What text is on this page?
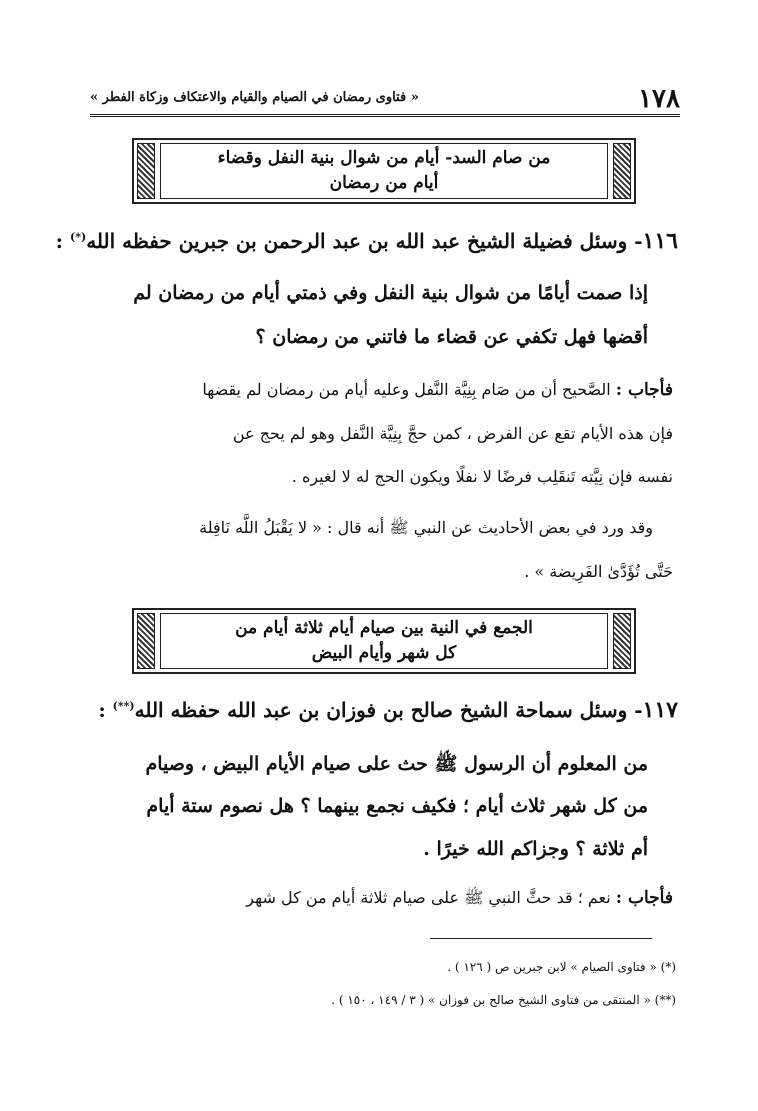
١٧٨
« فتاوى رمضان في الصيام والقيام والاعتكاف وزكاة الفطر »
من صام السد- أيام من شوال بنية النفل وقضاء
أيام من رمضان
١١٦- وسئل فضيلة الشيخ عبد الله بن عبد الرحمن بن جبرين حفظه الله(*) :
إذا صمت أيامًا من شوال بنية النفل وفي ذمتي أيام من رمضان لم
أقضها فهل تكفي عن قضاء ما فاتني من رمضان ؟
فأجاب : الصَّحيح أن من صَام بِنِيَّة النَّفل وعليه أيام من رمضان لم يقضها
فإن هذه الأيام تقع عن الفرض ، كمن حجَّ بِنِيَّة النَّفل وهو لم يحج عن
نفسه فإن نِيَّته تَنقَلِب فرضًا لا نفلًا ويكون الحج له لا لغيره .
وقد ورد في بعض الأحاديث عن النبي ﷺ أنه قال : « لا يَقْبَلُ اللَّه نَافِلة
حَتَّى تُؤَدَّىٰ الفَرِيضة » .
الجمع في النية بين صيام أيام ثلاثة أيام من
كل شهر وأيام البيض
١١٧- وسئل سماحة الشيخ صالح بن فوزان بن عبد الله حفظه الله(**) :
من المعلوم أن الرسول ﷺ حث على صيام الأيام البيض ، وصيام
من كل شهر ثلاث أيام ؛ فكيف نجمع بينهما ؟ هل نصوم ستة أيام
أم ثلاثة ؟ وجزاكم الله خيرًا .
فأجاب : نعم ؛ قد حثَّ النبي ﷺ على صيام ثلاثة أيام من كل شهر
(*) « فتاوى الصيام » لابن جبرين ص ( ١٢٦ ) .
(**) « المنتقى من فتاوى الشيخ صالح بن فوزان » ( ٣ / ١٤٩ ، ١٥٠ ) .
